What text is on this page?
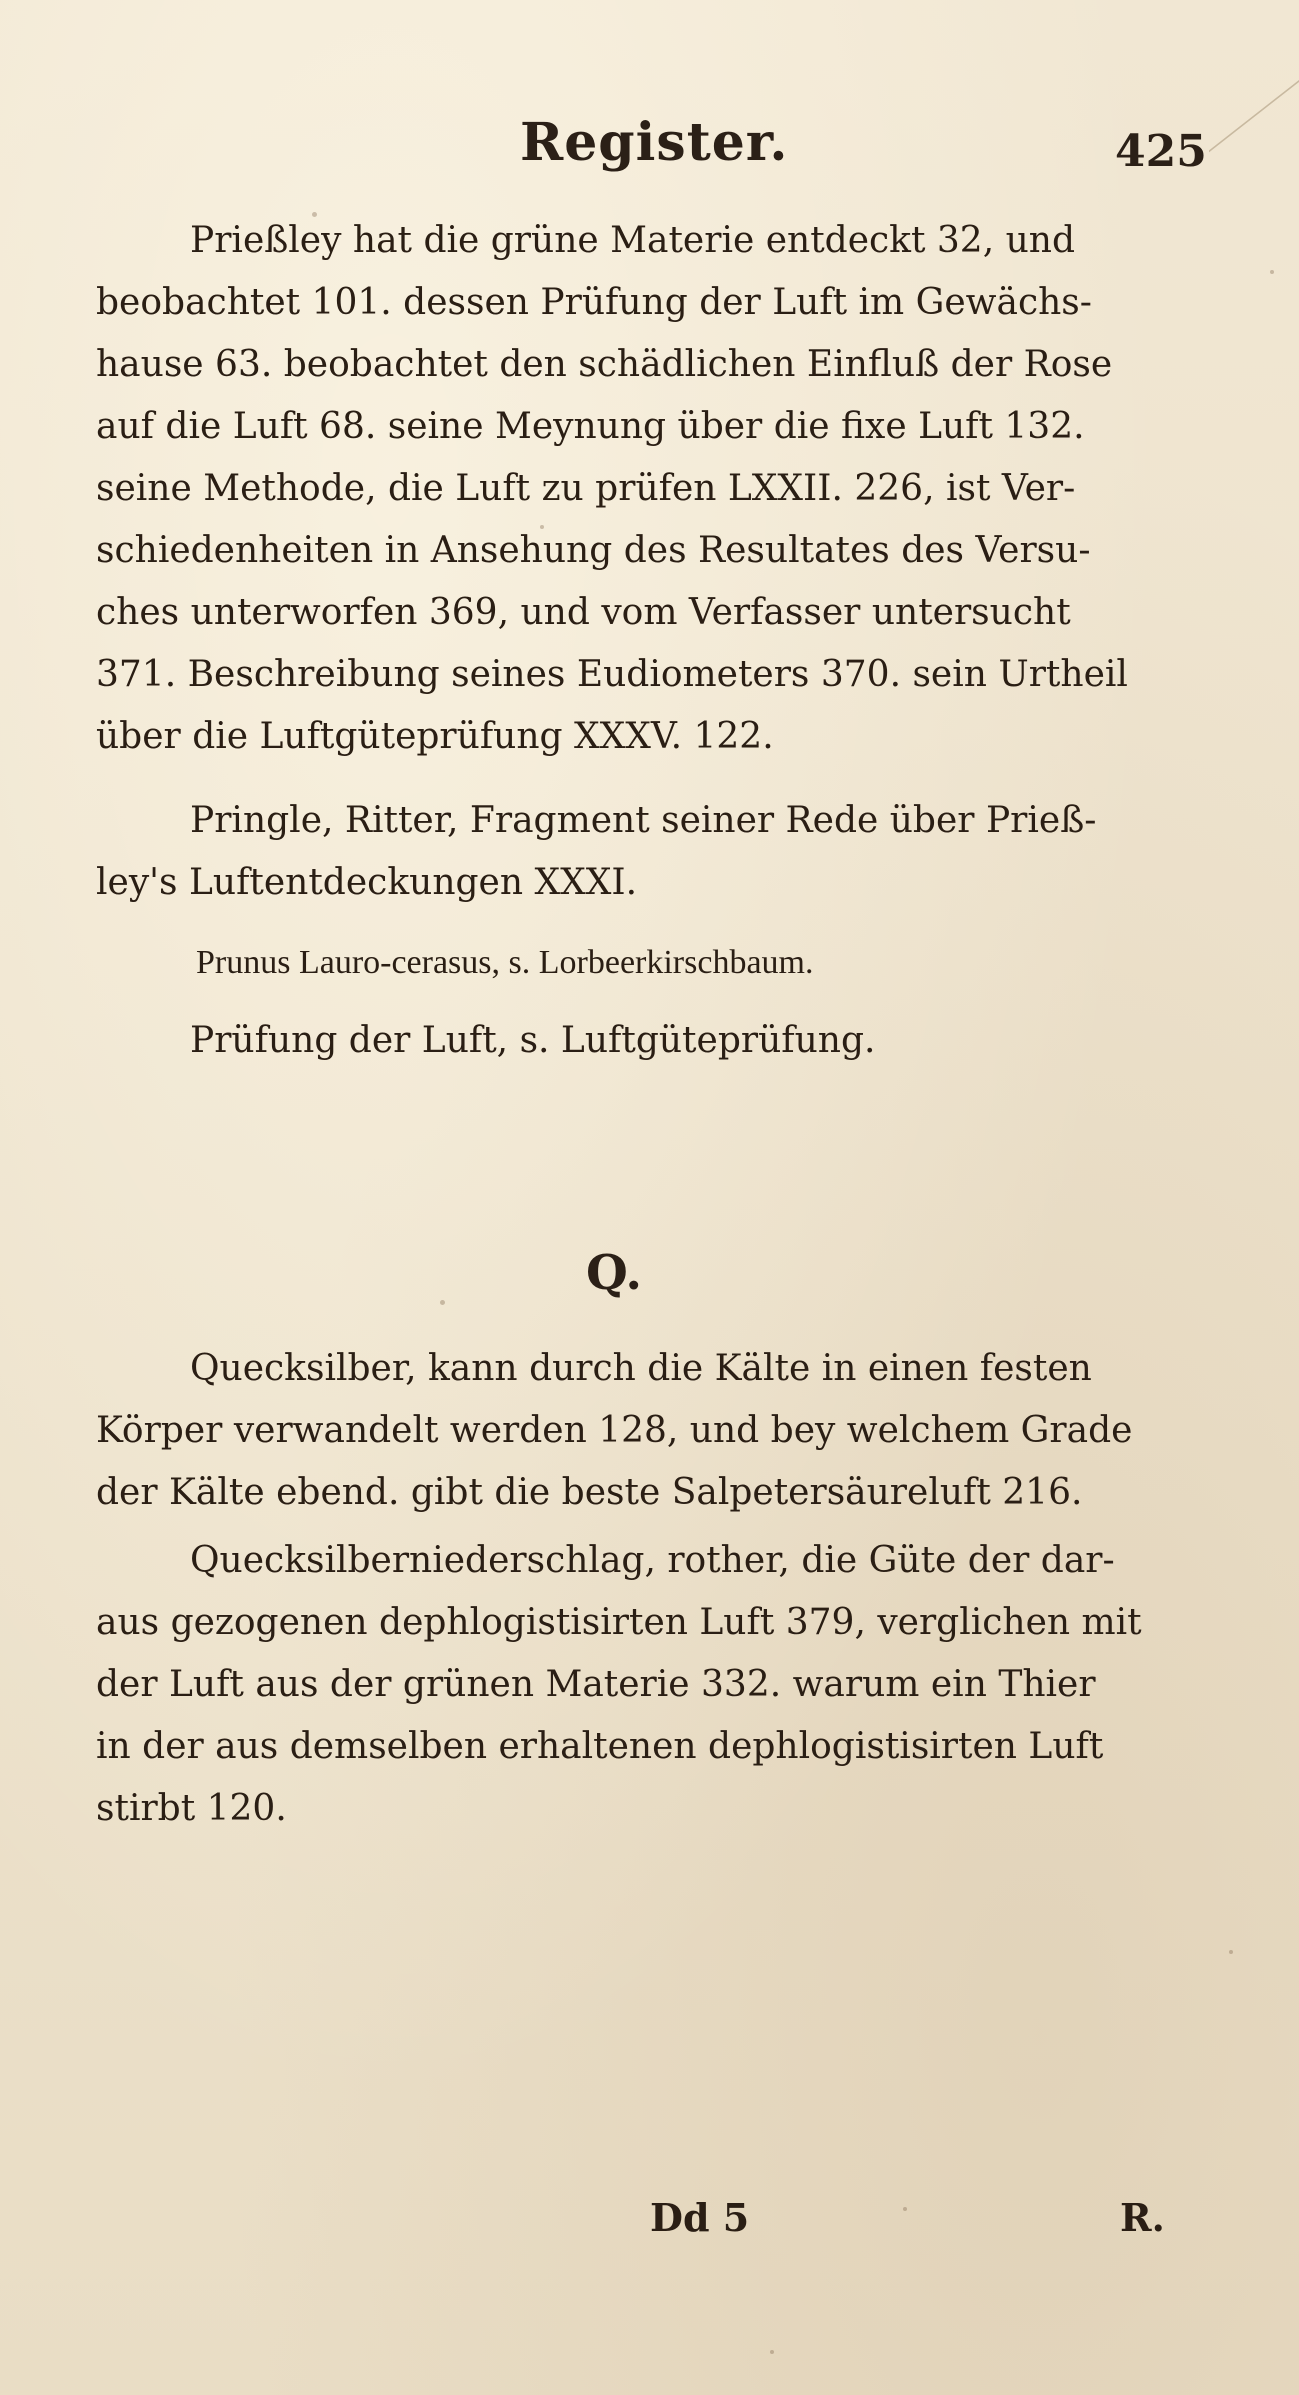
Register.	425
Prießley hat die grüne Materie entdeckt 32, und
beobachtet 101. dessen Prüfung der Luft im Gewächs-
hause 63. beobachtet den schädlichen Einfluß der Rose
auf die Luft 68. seine Meynung über die fixe Luft 132.
seine Methode, die Luft zu prüfen LXXII. 226, ist Ver-
schiedenheiten in Ansehung des Resultates des Versu-
ches unterworfen 369, und vom Verfasser untersucht
371. Beschreibung seines Eudiometers 370. sein Urtheil
über die Luftgüteprüfung XXXV. 122.
Pringle, Ritter, Fragment seiner Rede über Prieß-
ley's Luftentdeckungen XXXI.
Prunus Lauro-cerasus, s. Lorbeerkirschbaum.
Prüfung der Luft, s. Luftgüteprüfung.
Q.
Quecksilber, kann durch die Kälte in einen festen
Körper verwandelt werden 128, und bey welchem Grade
der Kälte ebend. gibt die beste Salpetersäureluft 216.
Quecksilberniederschlag, rother, die Güte der dar-
aus gezogenen dephlogistisirten Luft 379, verglichen mit
der Luft aus der grünen Materie 332. warum ein Thier
in der aus demselben erhaltenen dephlogistisirten Luft
stirbt 120.
Dd 5	R.
